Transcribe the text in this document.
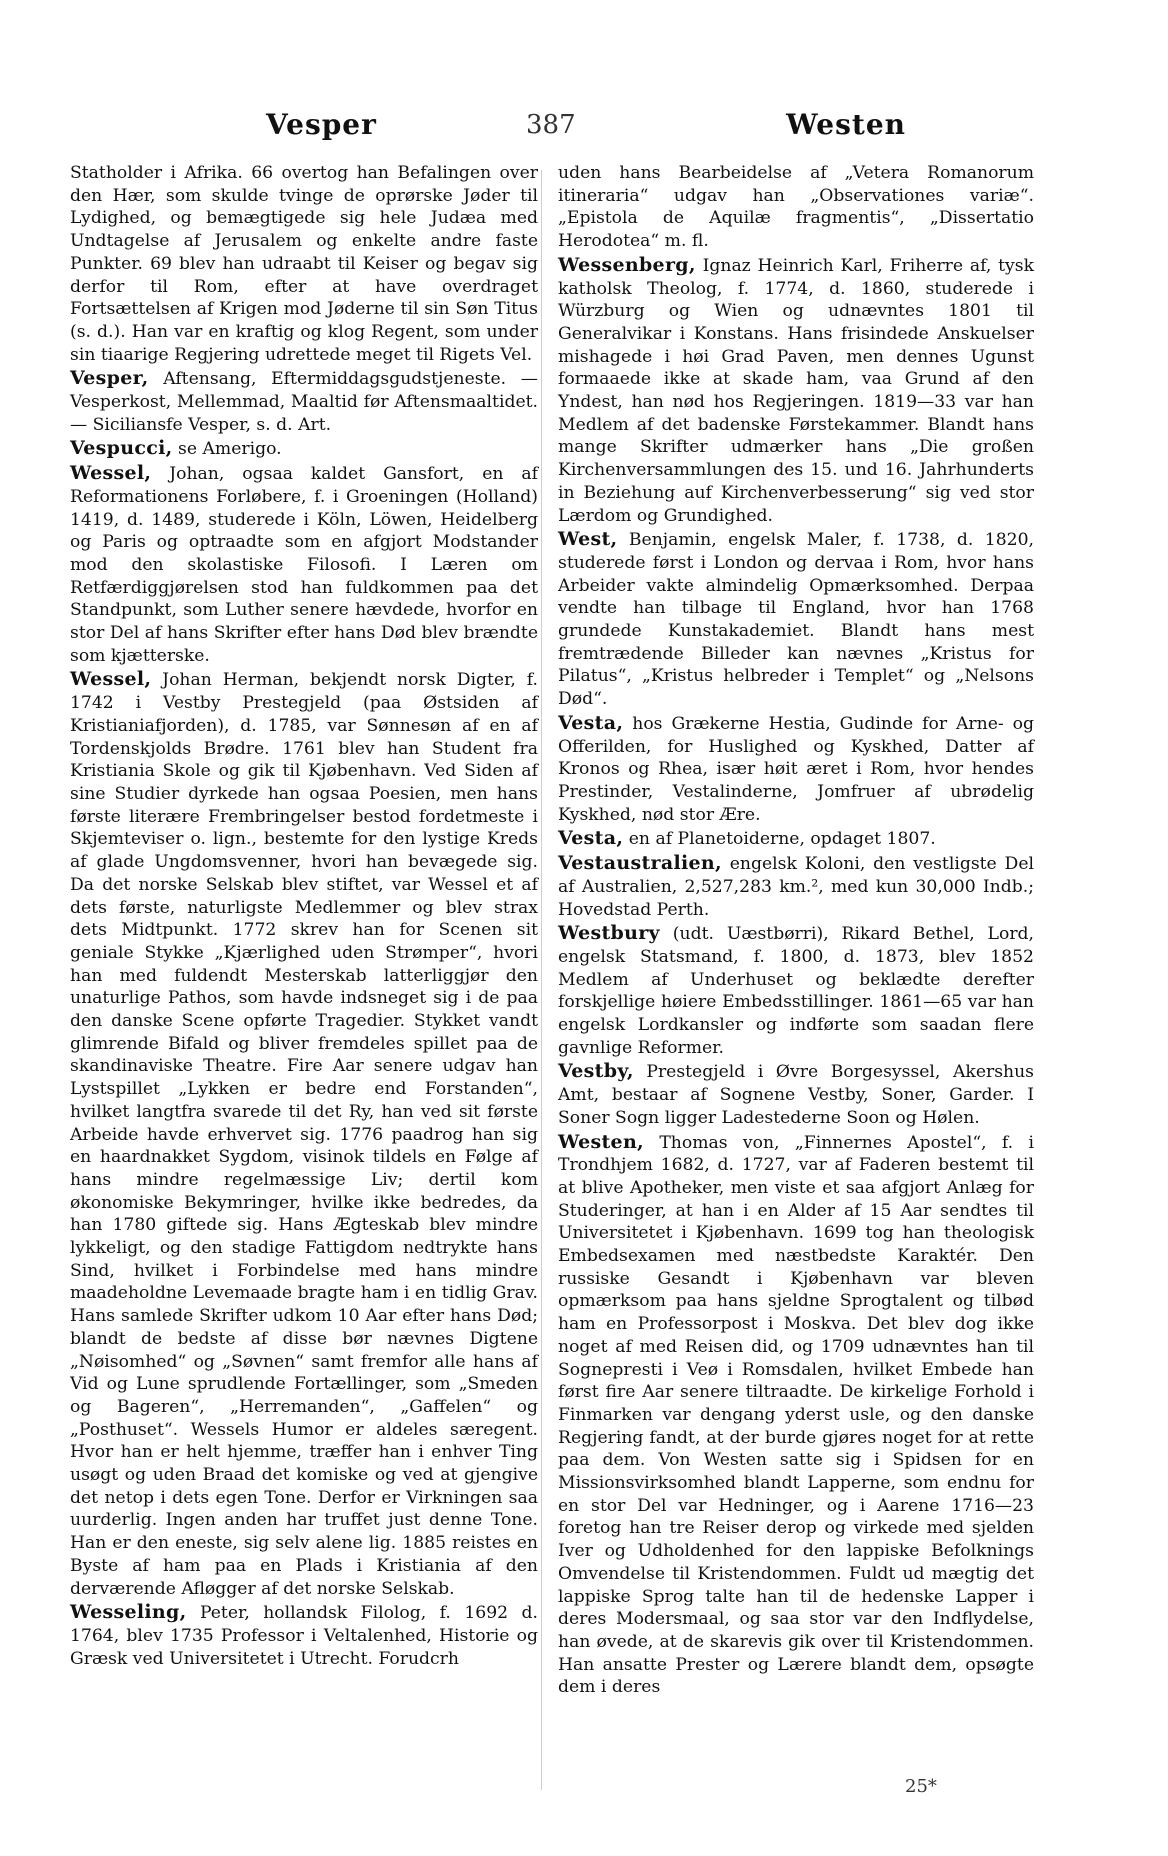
Vesper	387	Westen

Statholder i Afrika. 66 overtog han Befalingen over den Hær, som skulde tvinge de oprørske Jøder til Lydighed, og bemægtigede sig hele Judæa med Undtagelse af Jerusalem og enkelte andre faste Punkter. 69 blev han udraabt til Keiser og begav sig derfor til Rom, efter at have overdraget Fortsættelsen af Krigen mod Jøderne til sin Søn Titus (s. d.). Han var en kraftig og klog Regent, som under sin tiaarige Regjering udrettede meget til Rigets Vel.

Vesper, Aftensang, Eftermiddagsgudstjeneste. — Vesperkost, Mellemmad, Maaltid før Aftensmaaltidet. — Siciliansfe Vesper, s. d. Art.

Vespucci, se Amerigo.

Wessel, Johan, ogsaa kaldet Gansfort, en af Reformationens Forløbere, f. i Groeningen (Holland) 1419, d. 1489, studerede i Köln, Löwen, Heidelberg og Paris og optraadte som en afgjort Modstander mod den skolastiske Filosofi. I Læren om Retfærdiggjørelsen stod han fuldkommen paa det Standpunkt, som Luther senere hævdede, hvorfor en stor Del af hans Skrifter efter hans Død blev brændte som kjætterske.

Wessel, Johan Herman, bekjendt norsk Digter, f. 1742 i Vestby Prestegjeld (paa Østsiden af Kristianiafjorden), d. 1785, var Sønnesøn af en af Tordenskjolds Brødre. 1761 blev han Student fra Kristiania Skole og gik til Kjøbenhavn. Ved Siden af sine Studier dyrkede han ogsaa Poesien, men hans første literære Frembringelser bestod fordetmeste i Skjemteviser o. lign., bestemte for den lystige Kreds af glade Ungdomsvenner, hvori han bevægede sig. Da det norske Selskab blev stiftet, var Wessel et af dets første, naturligste Medlemmer og blev strax dets Midtpunkt. 1772 skrev han for Scenen sit geniale Stykke „Kjærlighed uden Strømper“, hvori han med fuldendt Mesterskab latterliggjør den unaturlige Pathos, som havde indsneget sig i de paa den danske Scene opførte Tragedier. Stykket vandt glimrende Bifald og bliver fremdeles spillet paa de skandinaviske Theatre. Fire Aar senere udgav han Lystspillet „Lykken er bedre end Forstanden“, hvilket langtfra svarede til det Ry, han ved sit første Arbeide havde erhvervet sig. 1776 paadrog han sig en haardnakket Sygdom, visinok tildels en Følge af hans mindre regelmæssige Liv; dertil kom økonomiske Bekymringer, hvilke ikke bedredes, da han 1780 giftede sig. Hans Ægteskab blev mindre lykkeligt, og den stadige Fattigdom nedtrykte hans Sind, hvilket i Forbindelse med hans mindre maadeholdne Levemaade bragte ham i en tidlig Grav. Hans samlede Skrifter udkom 10 Aar efter hans Død; blandt de bedste af disse bør nævnes Digtene „Nøisomhed“ og „Søvnen“ samt fremfor alle hans af Vid og Lune sprudlende Fortællinger, som „Smeden og Bageren“, „Herremanden“, „Gaffelen“ og „Posthuset“. Wessels Humor er aldeles særegent. Hvor han er helt hjemme, træffer han i enhver Ting usøgt og uden Braad det komiske og ved at gjengive det netop i dets egen Tone. Derfor er Virkningen saa uurderlig. Ingen anden har truffet just denne Tone. Han er den eneste, sig selv alene lig. 1885 reistes en Byste af ham paa en Plads i Kristiania af den derværende Afløgger af det norske Selskab.

Wesseling, Peter, hollandsk Filolog, f. 1692 d. 1764, blev 1735 Professor i Veltalenhed, Historie og Græsk ved Universitetet i Utrecht. Forudcrh

uden hans Bearbeidelse af „Vetera Romanorum itineraria“ udgav han „Observationes variæ“. „Epistola de Aquilæ fragmentis“, „Dissertatio Herodotea“ m. fl.

Wessenberg, Ignaz Heinrich Karl, Friherre af, tysk katholsk Theolog, f. 1774, d. 1860, studerede i Würzburg og Wien og udnævntes 1801 til Generalvikar i Konstans. Hans frisindede Anskuelser mishagede i høi Grad Paven, men dennes Ugunst formaaede ikke at skade ham, vaa Grund af den Yndest, han nød hos Regjeringen. 1819—33 var han Medlem af det badenske Førstekammer. Blandt hans mange Skrifter udmærker hans „Die großen Kirchenversammlungen des 15. und 16. Jahrhunderts in Beziehung auf Kirchenverbesserung“ sig ved stor Lærdom og Grundighed.

West, Benjamin, engelsk Maler, f. 1738, d. 1820, studerede først i London og dervaa i Rom, hvor hans Arbeider vakte almindelig Opmærksomhed. Derpaa vendte han tilbage til England, hvor han 1768 grundede Kunstakademiet. Blandt hans mest fremtrædende Billeder kan nævnes „Kristus for Pilatus“, „Kristus helbreder i Templet“ og „Nelsons Død“.

Vesta, hos Grækerne Hestia, Gudinde for Arne- og Offerilden, for Huslighed og Kyskhed, Datter af Kronos og Rhea, især høit æret i Rom, hvor hendes Prestinder, Vestalinderne, Jomfruer af ubrødelig Kyskhed, nød stor Ære.

Vesta, en af Planetoiderne, opdaget 1807.

Vestaustralien, engelsk Koloni, den vestligste Del af Australien, 2,527,283 km.², med kun 30,000 Indb.; Hovedstad Perth.

Westbury (udt. Uæstbørri), Rikard Bethel, Lord, engelsk Statsmand, f. 1800, d. 1873, blev 1852 Medlem af Underhuset og beklædte derefter forskjellige høiere Embedsstillinger. 1861—65 var han engelsk Lordkansler og indførte som saadan flere gavnlige Reformer.

Vestby, Prestegjeld i Øvre Borgesyssel, Akershus Amt, bestaar af Sognene Vestby, Soner, Garder. I Soner Sogn ligger Ladestederne Soon og Hølen.

Westen, Thomas von, „Finnernes Apostel“, f. i Trondhjem 1682, d. 1727, var af Faderen bestemt til at blive Apotheker, men viste et saa afgjort Anlæg for Studeringer, at han i en Alder af 15 Aar sendtes til Universitetet i Kjøbenhavn. 1699 tog han theologisk Embedsexamen med næstbedste Karaktér. Den russiske Gesandt i Kjøbenhavn var bleven opmærksom paa hans sjeldne Sprogtalent og tilbød ham en Professorpost i Moskva. Det blev dog ikke noget af med Reisen did, og 1709 udnævntes han til Sognepresti i Veø i Romsdalen, hvilket Embede han først fire Aar senere tiltraadte. De kirkelige Forhold i Finmarken var dengang yderst usle, og den danske Regjering fandt, at der burde gjøres noget for at rette paa dem. Von Westen satte sig i Spidsen for en Missionsvirksomhed blandt Lapperne, som endnu for en stor Del var Hedninger, og i Aarene 1716—23 foretog han tre Reiser derop og virkede med sjelden Iver og Udholdenhed for den lappiske Befolknings Omvendelse til Kristendommen. Fuldt ud mægtig det lappiske Sprog talte han til de hedenske Lapper i deres Modersmaal, og saa stor var den Indflydelse, han øvede, at de skarevis gik over til Kristendommen. Han ansatte Prester og Lærere blandt dem, opsøgte dem i deres

25*
